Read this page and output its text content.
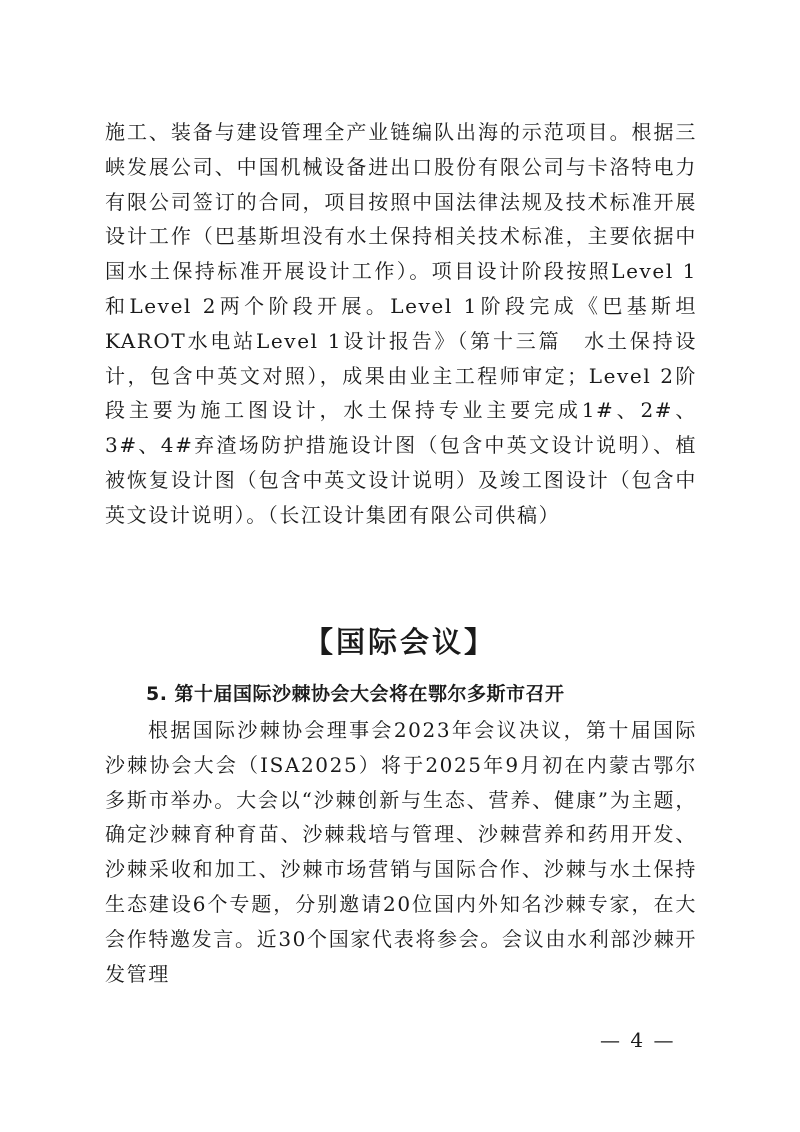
施工、装备与建设管理全产业链编队出海的示范项目。根据三峡发展公司、中国机械设备进出口股份有限公司与卡洛特电力有限公司签订的合同，项目按照中国法律法规及技术标准开展设计工作（巴基斯坦没有水土保持相关技术标准，主要依据中国水土保持标准开展设计工作）。项目设计阶段按照Level 1和Level 2两个阶段开展。Level 1阶段完成《巴基斯坦KAROT水电站Level 1设计报告》（第十三篇　水土保持设计，包含中英文对照），成果由业主工程师审定；Level 2阶段主要为施工图设计，水土保持专业主要完成1#、2#、3#、4#弃渣场防护措施设计图（包含中英文设计说明）、植被恢复设计图（包含中英文设计说明）及竣工图设计（包含中英文设计说明）。（长江设计集团有限公司供稿）

【国际会议】
5. 第十届国际沙棘协会大会将在鄂尔多斯市召开

根据国际沙棘协会理事会2023年会议决议，第十届国际沙棘协会大会（ISA2025）将于2025年9月初在内蒙古鄂尔多斯市举办。大会以“沙棘创新与生态、营养、健康”为主题，确定沙棘育种育苗、沙棘栽培与管理、沙棘营养和药用开发、沙棘采收和加工、沙棘市场营销与国际合作、沙棘与水土保持生态建设6个专题，分别邀请20位国内外知名沙棘专家，在大会作特邀发言。近30个国家代表将参会。会议由水利部沙棘开发管理

— 4 —
